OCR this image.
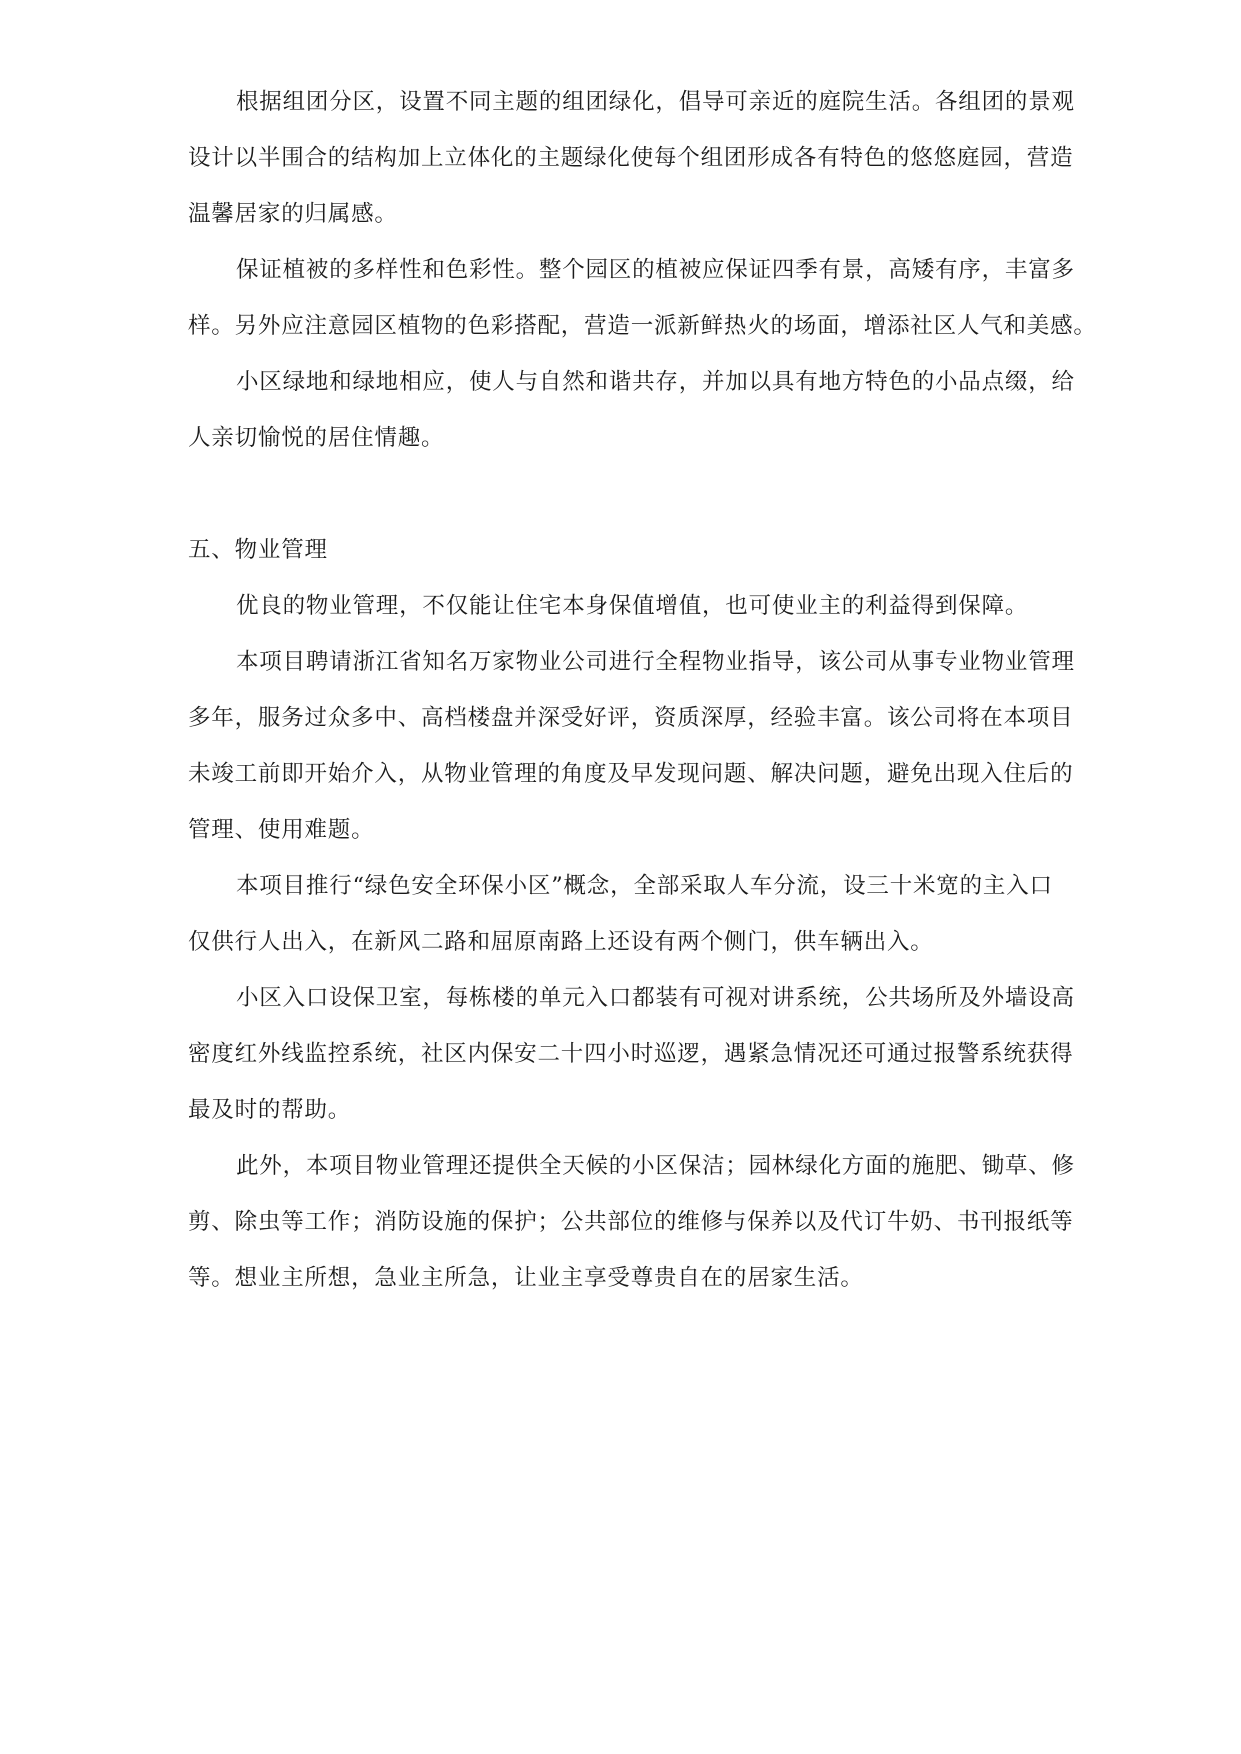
根据组团分区，设置不同主题的组团绿化，倡导可亲近的庭院生活。各组团的景观
设计以半围合的结构加上立体化的主题绿化使每个组团形成各有特色的悠悠庭园，营造
温馨居家的归属感。
保证植被的多样性和色彩性。整个园区的植被应保证四季有景，高矮有序，丰富多
样。另外应注意园区植物的色彩搭配，营造一派新鲜热火的场面，增添社区人气和美感。
小区绿地和绿地相应，使人与自然和谐共存，并加以具有地方特色的小品点缀，给
人亲切愉悦的居住情趣。
五、物业管理
优良的物业管理，不仅能让住宅本身保值增值，也可使业主的利益得到保障。
本项目聘请浙江省知名万家物业公司进行全程物业指导，该公司从事专业物业管理
多年，服务过众多中、高档楼盘并深受好评，资质深厚，经验丰富。该公司将在本项目
未竣工前即开始介入，从物业管理的角度及早发现问题、解决问题，避免出现入住后的
管理、使用难题。
本项目推行“绿色安全环保小区”概念，全部采取人车分流，设三十米宽的主入口
仅供行人出入，在新风二路和屈原南路上还设有两个侧门，供车辆出入。
小区入口设保卫室，每栋楼的单元入口都装有可视对讲系统，公共场所及外墙设高
密度红外线监控系统，社区内保安二十四小时巡逻，遇紧急情况还可通过报警系统获得
最及时的帮助。
此外，本项目物业管理还提供全天候的小区保洁；园林绿化方面的施肥、锄草、修
剪、除虫等工作；消防设施的保护；公共部位的维修与保养以及代订牛奶、书刊报纸等
等。想业主所想，急业主所急，让业主享受尊贵自在的居家生活。
